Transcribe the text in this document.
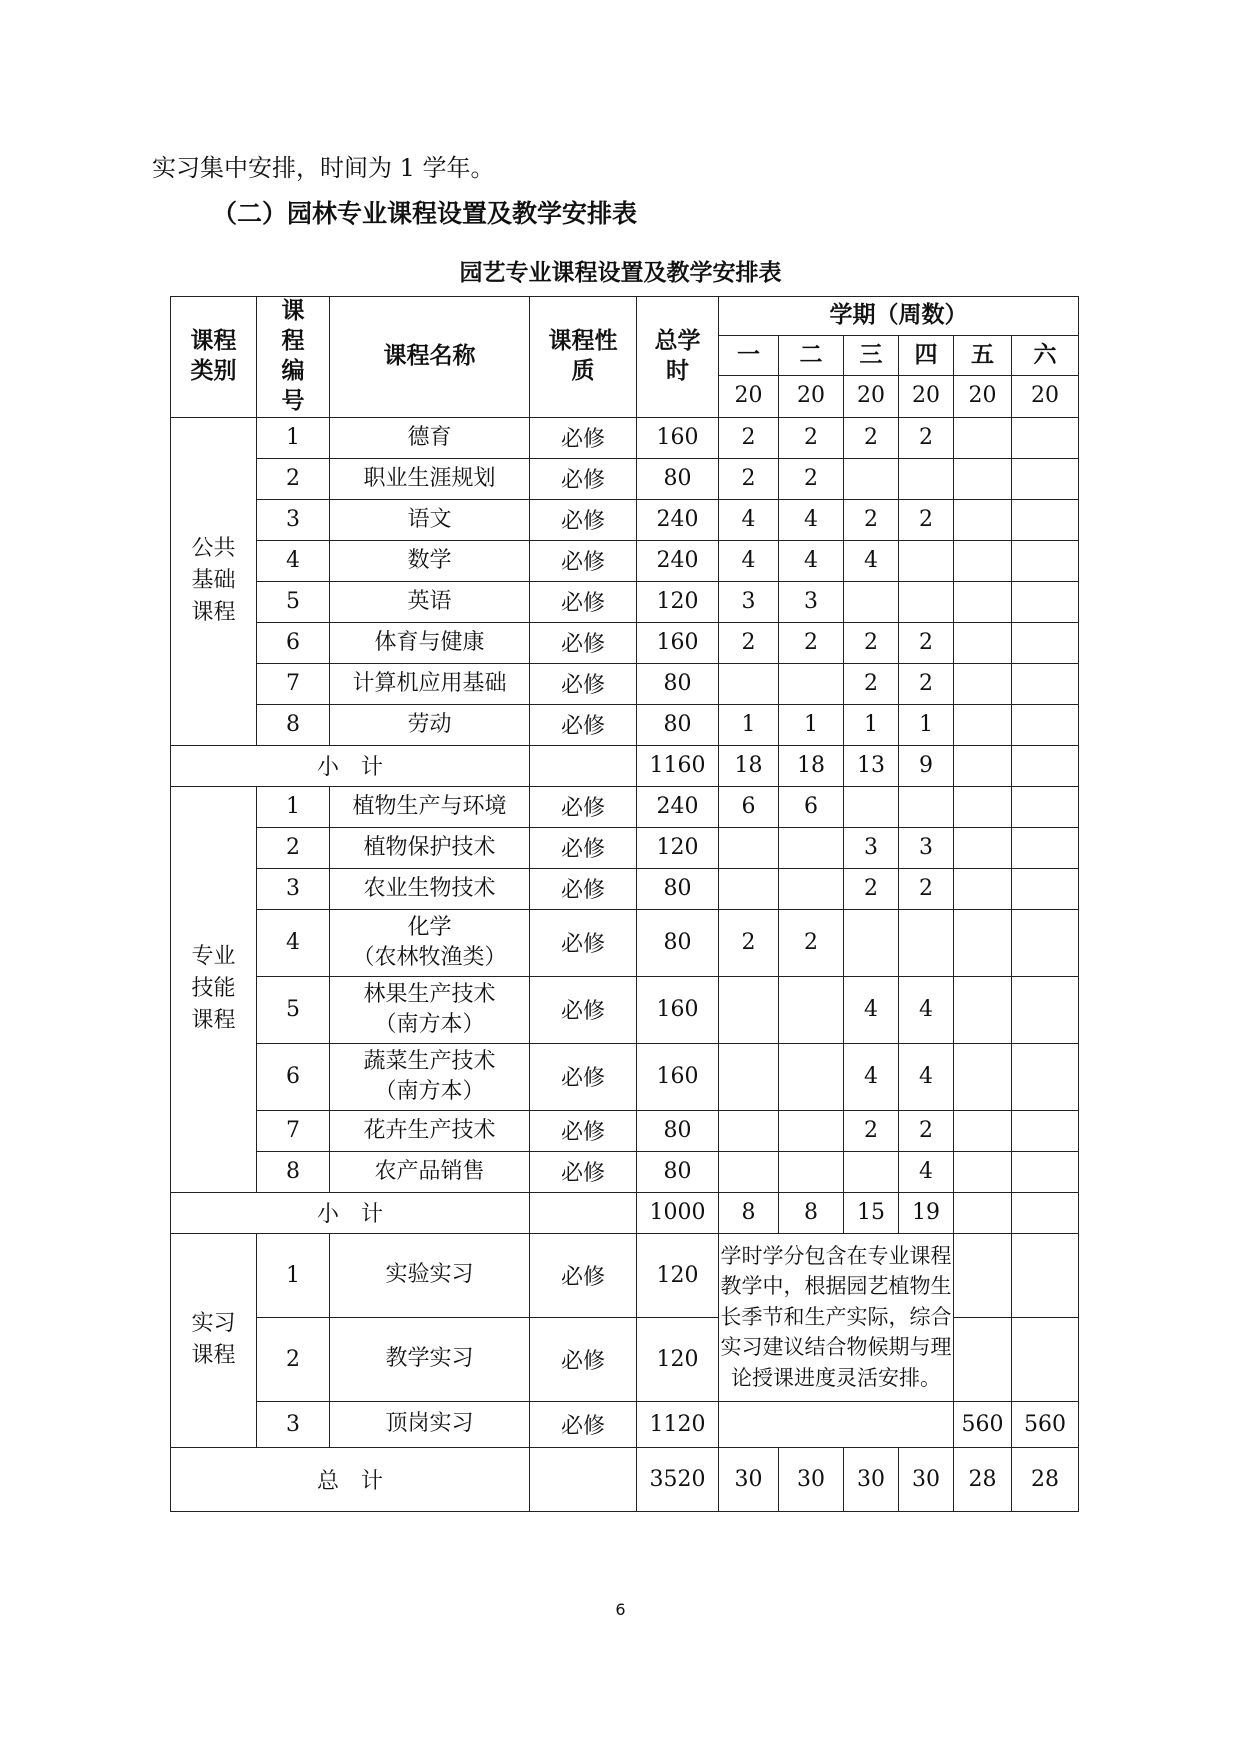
实习集中安排，时间为 1 学年。
（二）园林专业课程设置及教学安排表
园艺专业课程设置及教学安排表
课程类别	课程编号	课程名称	课程性质	总学时	学期（周数）					
					一	二	三	四	五	六
					20	20	20	20	20	20
公共基础课程	1	德育	必修	160	2	2	2	2		
	2	职业生涯规划	必修	80	2	2				
	3	语文	必修	240	4	4	2	2		
	4	数学	必修	240	4	4	4			
	5	英语	必修	120	3	3				
	6	体育与健康	必修	160	2	2	2	2		
	7	计算机应用基础	必修	80			2	2		
	8	劳动	必修	80	1	1	1	1		
小　计				1160	18	18	13	9		
专业技能课程	1	植物生产与环境	必修	240	6	6				
	2	植物保护技术	必修	120			3	3		
	3	农业生物技术	必修	80			2	2		
	4	化学
（农林牧渔类）	必修	80	2	2				
	5	林果生产技术
（南方本）	必修	160			4	4		
	6	蔬菜生产技术
（南方本）	必修	160			4	4		
	7	花卉生产技术	必修	80			2	2		
	8	农产品销售	必修	80				4		
小　计				1000	8	8	15	19		
实习课程	1	实验实习	必修	120	学时学分包含在专业课程教学中，根据园艺植物生长季节和生产实际，综合实习建议结合物候期与理论授课进度灵活安排。					
	2	教学实习	必修	120						
	3	顶岗实习	必修	1120					560	560
总　计				3520	30	30	30	30	28	28
6
